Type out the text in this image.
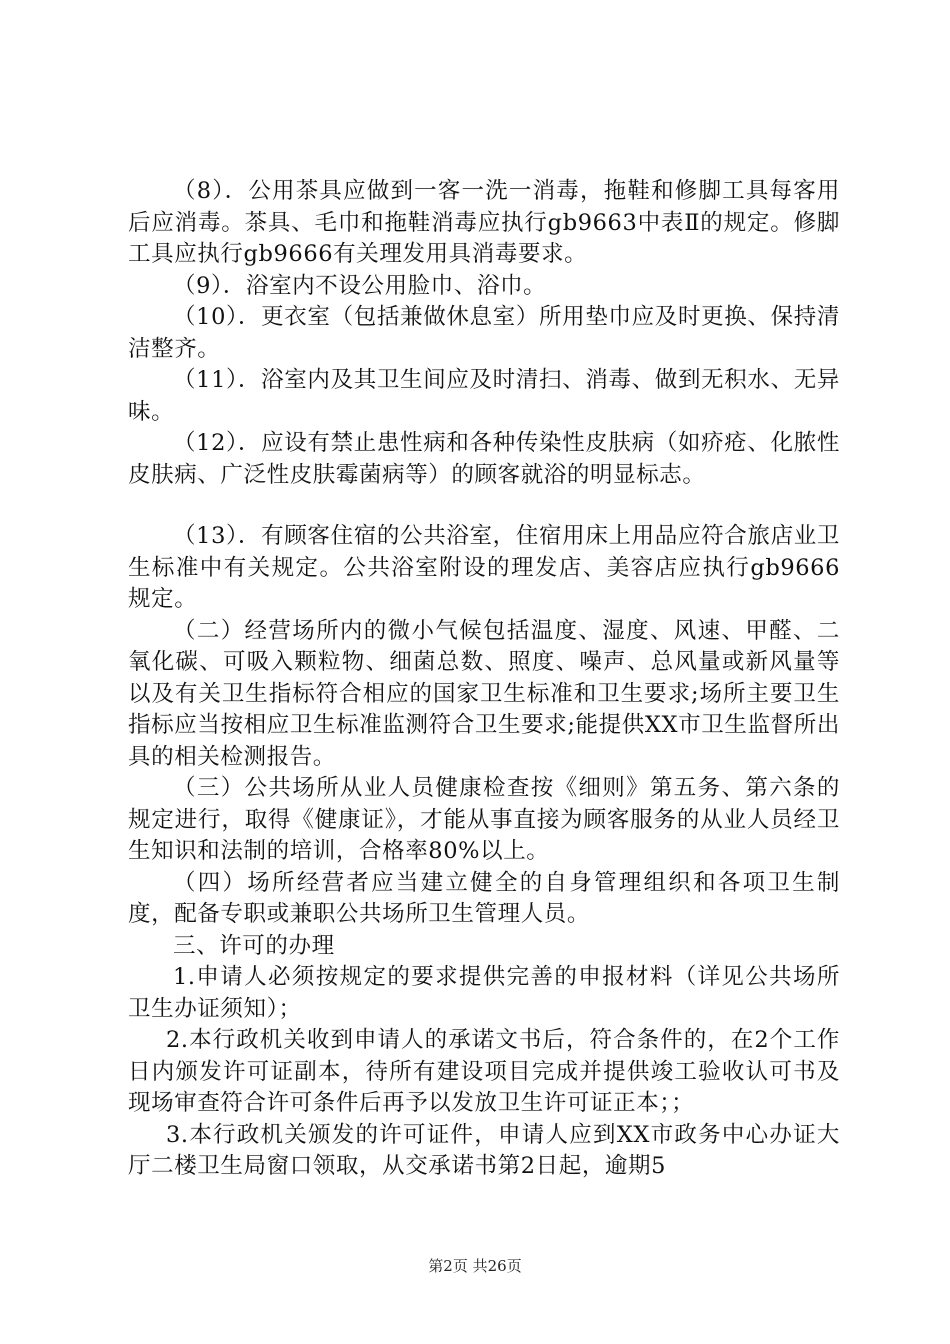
（8）．公用茶具应做到一客一洗一消毒，拖鞋和修脚工具每客用后应消毒。茶具、毛巾和拖鞋消毒应执行gb9663中表Ⅱ的规定。修脚工具应执行gb9666有关理发用具消毒要求。

（9）．浴室内不设公用脸巾、浴巾。

（10）．更衣室（包括兼做休息室）所用垫巾应及时更换、保持清洁整齐。

（11）．浴室内及其卫生间应及时清扫、消毒、做到无积水、无异味。

（12）．应设有禁止患性病和各种传染性皮肤病（如疥疮、化脓性皮肤病、广泛性皮肤霉菌病等）的顾客就浴的明显标志。

（13）．有顾客住宿的公共浴室，住宿用床上用品应符合旅店业卫生标准中有关规定。公共浴室附设的理发店、美容店应执行gb9666规定。

（二）经营场所内的微小气候包括温度、湿度、风速、甲醛、二氧化碳、可吸入颗粒物、细菌总数、照度、噪声、总风量或新风量等以及有关卫生指标符合相应的国家卫生标准和卫生要求;场所主要卫生指标应当按相应卫生标准监测符合卫生要求;能提供XX市卫生监督所出具的相关检测报告。

（三）公共场所从业人员健康检查按《细则》第五务、第六条的规定进行，取得《健康证》，才能从事直接为顾客服务的从业人员经卫生知识和法制的培训，合格率80%以上。

（四）场所经营者应当建立健全的自身管理组织和各项卫生制度，配备专职或兼职公共场所卫生管理人员。

三、许可的办理

1.申请人必须按规定的要求提供完善的申报材料（详见公共场所卫生办证须知）；

2.本行政机关收到申请人的承诺文书后，符合条件的，在2个工作日内颁发许可证副本，待所有建设项目完成并提供竣工验收认可书及现场审查符合许可条件后再予以发放卫生许可证正本；；

3.本行政机关颁发的许可证件，申请人应到XX市政务中心办证大厅二楼卫生局窗口领取，从交承诺书第2日起，逾期5

第2页 共26页
